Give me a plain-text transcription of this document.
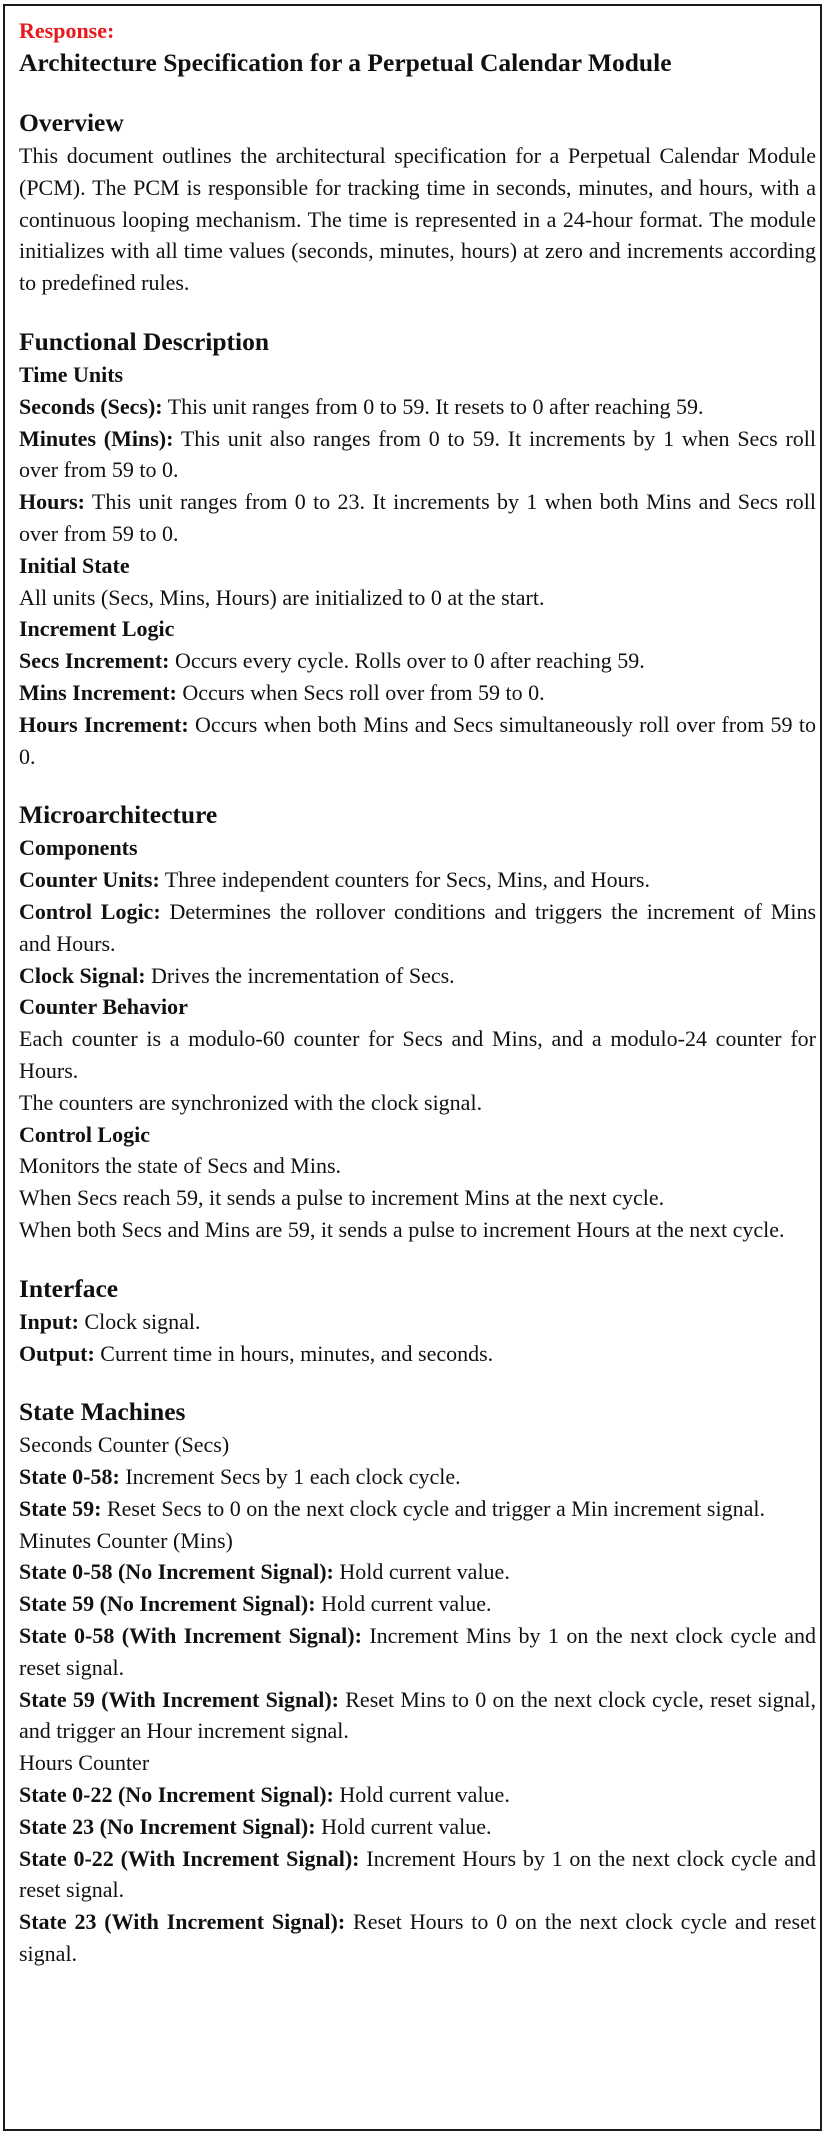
Response:
Architecture Specification for a Perpetual Calendar Module
Overview

This document outlines the architectural specification for a Perpetual Calendar Module (PCM). The PCM is responsible for tracking time in seconds, minutes, and hours, with a continuous looping mechanism. The time is represented in a 24-hour format. The module initializes with all time values (seconds, minutes, hours) at zero and increments according to predefined rules.

Functional Description
Time Units

Seconds (Secs): This unit ranges from 0 to 59. It resets to 0 after reaching 59.

Minutes (Mins): This unit also ranges from 0 to 59. It increments by 1 when Secs roll over from 59 to 0.

Hours: This unit ranges from 0 to 23. It increments by 1 when both Mins and Secs roll over from 59 to 0.

Initial State

All units (Secs, Mins, Hours) are initialized to 0 at the start.

Increment Logic

Secs Increment: Occurs every cycle. Rolls over to 0 after reaching 59.

Mins Increment: Occurs when Secs roll over from 59 to 0.

Hours Increment: Occurs when both Mins and Secs simultaneously roll over from 59 to 0.

Microarchitecture
Components

Counter Units: Three independent counters for Secs, Mins, and Hours.

Control Logic: Determines the rollover conditions and triggers the increment of Mins and Hours.

Clock Signal: Drives the incrementation of Secs.

Counter Behavior

Each counter is a modulo-60 counter for Secs and Mins, and a modulo-24 counter for Hours.

The counters are synchronized with the clock signal.

Control Logic

Monitors the state of Secs and Mins.

When Secs reach 59, it sends a pulse to increment Mins at the next cycle.

When both Secs and Mins are 59, it sends a pulse to increment Hours at the next cycle.

Interface

Input: Clock signal.

Output: Current time in hours, minutes, and seconds.

State Machines

Seconds Counter (Secs)

State 0-58: Increment Secs by 1 each clock cycle.

State 59: Reset Secs to 0 on the next clock cycle and trigger a Min increment signal.

Minutes Counter (Mins)

State 0-58 (No Increment Signal): Hold current value.

State 59 (No Increment Signal): Hold current value.

State 0-58 (With Increment Signal): Increment Mins by 1 on the next clock cycle and reset signal.

State 59 (With Increment Signal): Reset Mins to 0 on the next clock cycle, reset signal, and trigger an Hour increment signal.

Hours Counter

State 0-22 (No Increment Signal): Hold current value.

State 23 (No Increment Signal): Hold current value.

State 0-22 (With Increment Signal): Increment Hours by 1 on the next clock cycle and reset signal.

State 23 (With Increment Signal): Reset Hours to 0 on the next clock cycle and reset signal.
